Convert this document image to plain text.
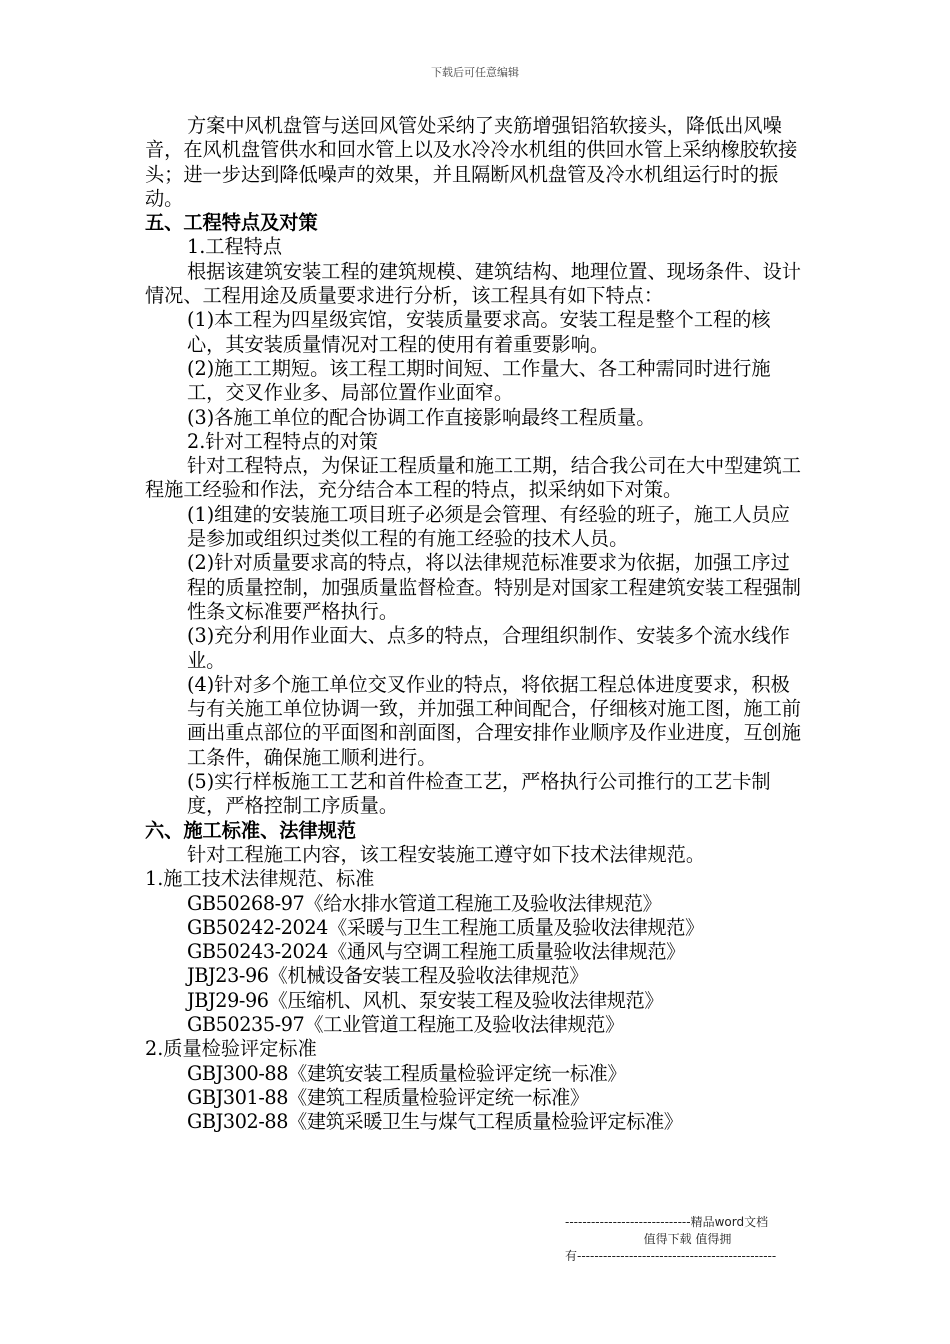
下载后可任意编辑

方案中风机盘管与送回风管处采纳了夹筋增强铝箔软接头，降低出风噪音，在风机盘管供水和回水管上以及水冷冷水机组的供回水管上采纳橡胶软接头；进一步达到降低噪声的效果，并且隔断风机盘管及冷水机组运行时的振动。

五、工程特点及对策

1.工程特点

根据该建筑安装工程的建筑规模、建筑结构、地理位置、现场条件、设计情况、工程用途及质量要求进行分析，该工程具有如下特点：

(1)本工程为四星级宾馆，安装质量要求高。安装工程是整个工程的核心，其安装质量情况对工程的使用有着重要影响。

(2)施工工期短。该工程工期时间短、工作量大、各工种需同时进行施工，交叉作业多、局部位置作业面窄。

(3)各施工单位的配合协调工作直接影响最终工程质量。

2.针对工程特点的对策

针对工程特点，为保证工程质量和施工工期，结合我公司在大中型建筑工程施工经验和作法，充分结合本工程的特点，拟采纳如下对策。

(1)组建的安装施工项目班子必须是会管理、有经验的班子，施工人员应是参加或组织过类似工程的有施工经验的技术人员。

(2)针对质量要求高的特点，将以法律规范标准要求为依据，加强工序过程的质量控制，加强质量监督检查。特别是对国家工程建筑安装工程强制性条文标准要严格执行。

(3)充分利用作业面大、点多的特点，合理组织制作、安装多个流水线作业。

(4)针对多个施工单位交叉作业的特点，将依据工程总体进度要求，积极与有关施工单位协调一致，并加强工种间配合，仔细核对施工图，施工前画出重点部位的平面图和剖面图，合理安排作业顺序及作业进度，互创施工条件，确保施工顺利进行。

(5)实行样板施工工艺和首件检查工艺，严格执行公司推行的工艺卡制度，严格控制工序质量。

六、施工标准、法律规范

针对工程施工内容，该工程安装施工遵守如下技术法律规范。

1.施工技术法律规范、标准

GB50268-97《给水排水管道工程施工及验收法律规范》

GB50242-2024《采暖与卫生工程施工质量及验收法律规范》

GB50243-2024《通风与空调工程施工质量验收法律规范》

JBJ23-96《机械设备安装工程及验收法律规范》

JBJ29-96《压缩机、风机、泵安装工程及验收法律规范》

GB50235-97《工业管道工程施工及验收法律规范》

2.质量检验评定标准

GBJ300-88《建筑安装工程质量检验评定统一标准》

GBJ301-88《建筑工程质量检验评定统一标准》

GBJ302-88《建筑采暖卫生与煤气工程质量检验评定标准》

-----------------------------精品word文档
值得下载 值得拥
有----------------------------------------------
